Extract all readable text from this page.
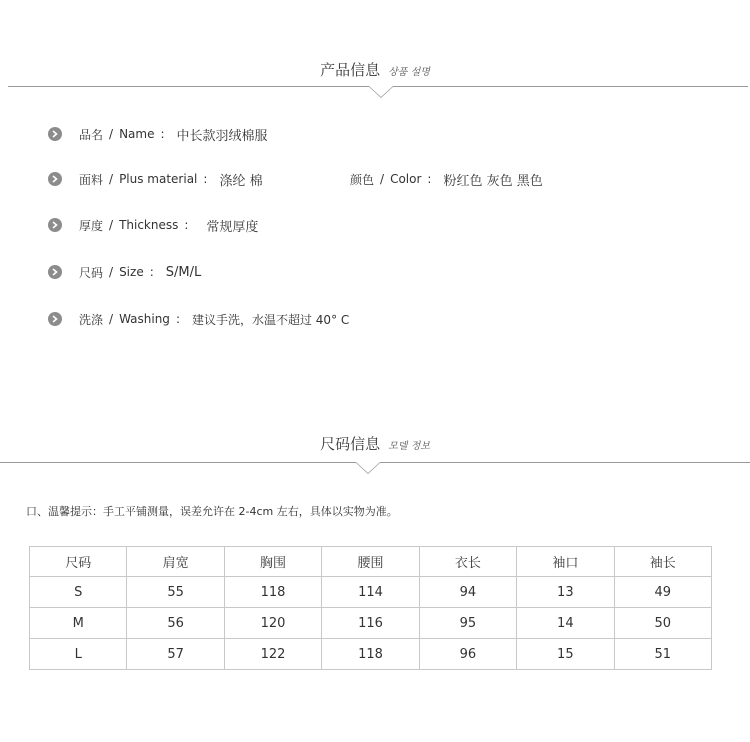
产品信息 상품 설명
品名 / Name : 中长款羽绒棉服
面料 / Plus material : 涤纶 棉	颜色 / Color : 粉红色 灰色 黑色
厚度 / Thickness : 常规厚度
尺码 / Size : S/M/L
洗涤 / Washing : 建议手洗，水温不超过 40° C
尺码信息 모델 정보
口、温馨提示：手工平铺测量，误差允许在 2-4cm 左右，具体以实物为准。
尺码	肩宽	胸围	腰围	衣长	袖口	袖长
S	55	118	114	94	13	49
M	56	120	116	95	14	50
L	57	122	118	96	15	51
